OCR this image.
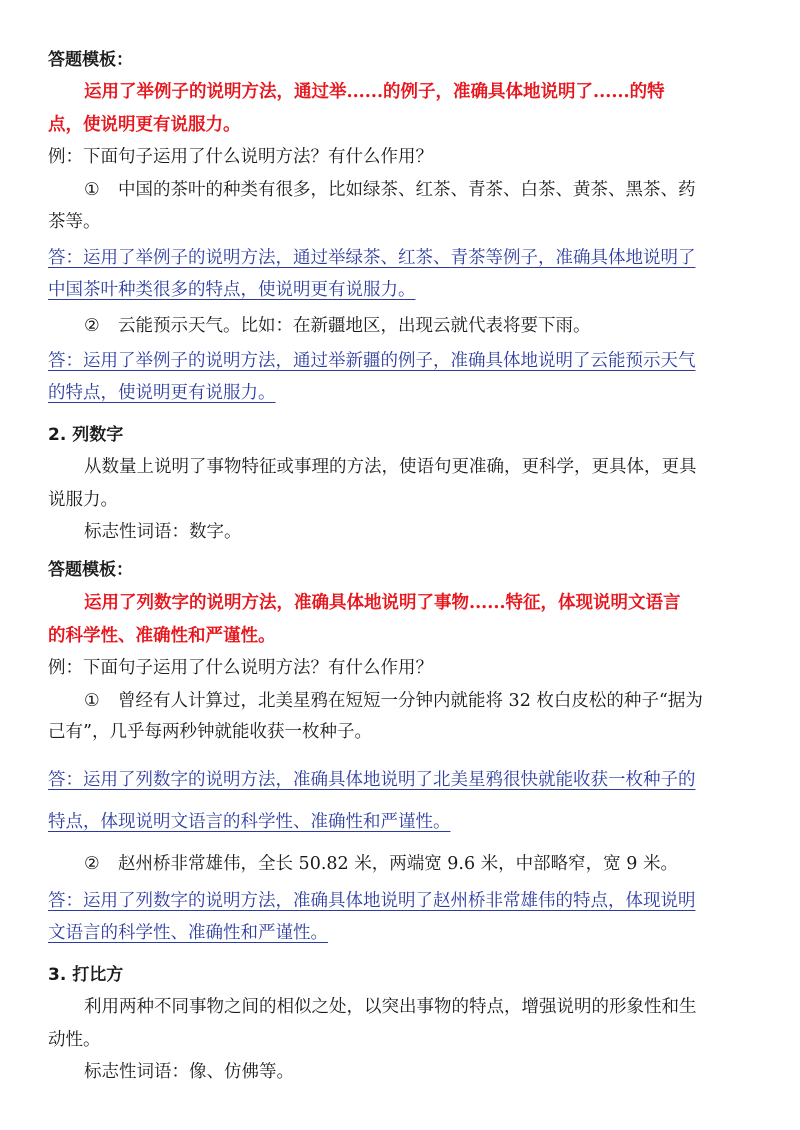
答题模板：
运用了举例子的说明方法，通过举......的例子，准确具体地说明了......的特
点，使说明更有说服力。
例：下面句子运用了什么说明方法？有什么作用？
① 中国的茶叶的种类有很多，比如绿茶、红茶、青茶、白茶、黄茶、黑茶、药
茶等。
答：运用了举例子的说明方法，通过举绿茶、红茶、青茶等例子，准确具体地说明了
中国茶叶种类很多的特点，使说明更有说服力。
② 云能预示天气。比如：在新疆地区，出现云就代表将要下雨。
答：运用了举例子的说明方法，通过举新疆的例子，准确具体地说明了云能预示天气
的特点，使说明更有说服力。
2. 列数字
从数量上说明了事物特征或事理的方法，使语句更准确，更科学，更具体，更具
说服力。
标志性词语：数字。
答题模板：
运用了列数字的说明方法，准确具体地说明了事物......特征，体现说明文语言
的科学性、准确性和严谨性。
例：下面句子运用了什么说明方法？有什么作用？
① 曾经有人计算过，北美星鸦在短短一分钟内就能将 32 枚白皮松的种子“据为
己有”，几乎每两秒钟就能收获一枚种子。
答：运用了列数字的说明方法，准确具体地说明了北美星鸦很快就能收获一枚种子的
特点，体现说明文语言的科学性、准确性和严谨性。
② 赵州桥非常雄伟，全长 50.82 米，两端宽 9.6 米，中部略窄，宽 9 米。
答：运用了列数字的说明方法，准确具体地说明了赵州桥非常雄伟的特点，体现说明
文语言的科学性、准确性和严谨性。
3. 打比方
利用两种不同事物之间的相似之处，以突出事物的特点，增强说明的形象性和生
动性。
标志性词语：像、仿佛等。
